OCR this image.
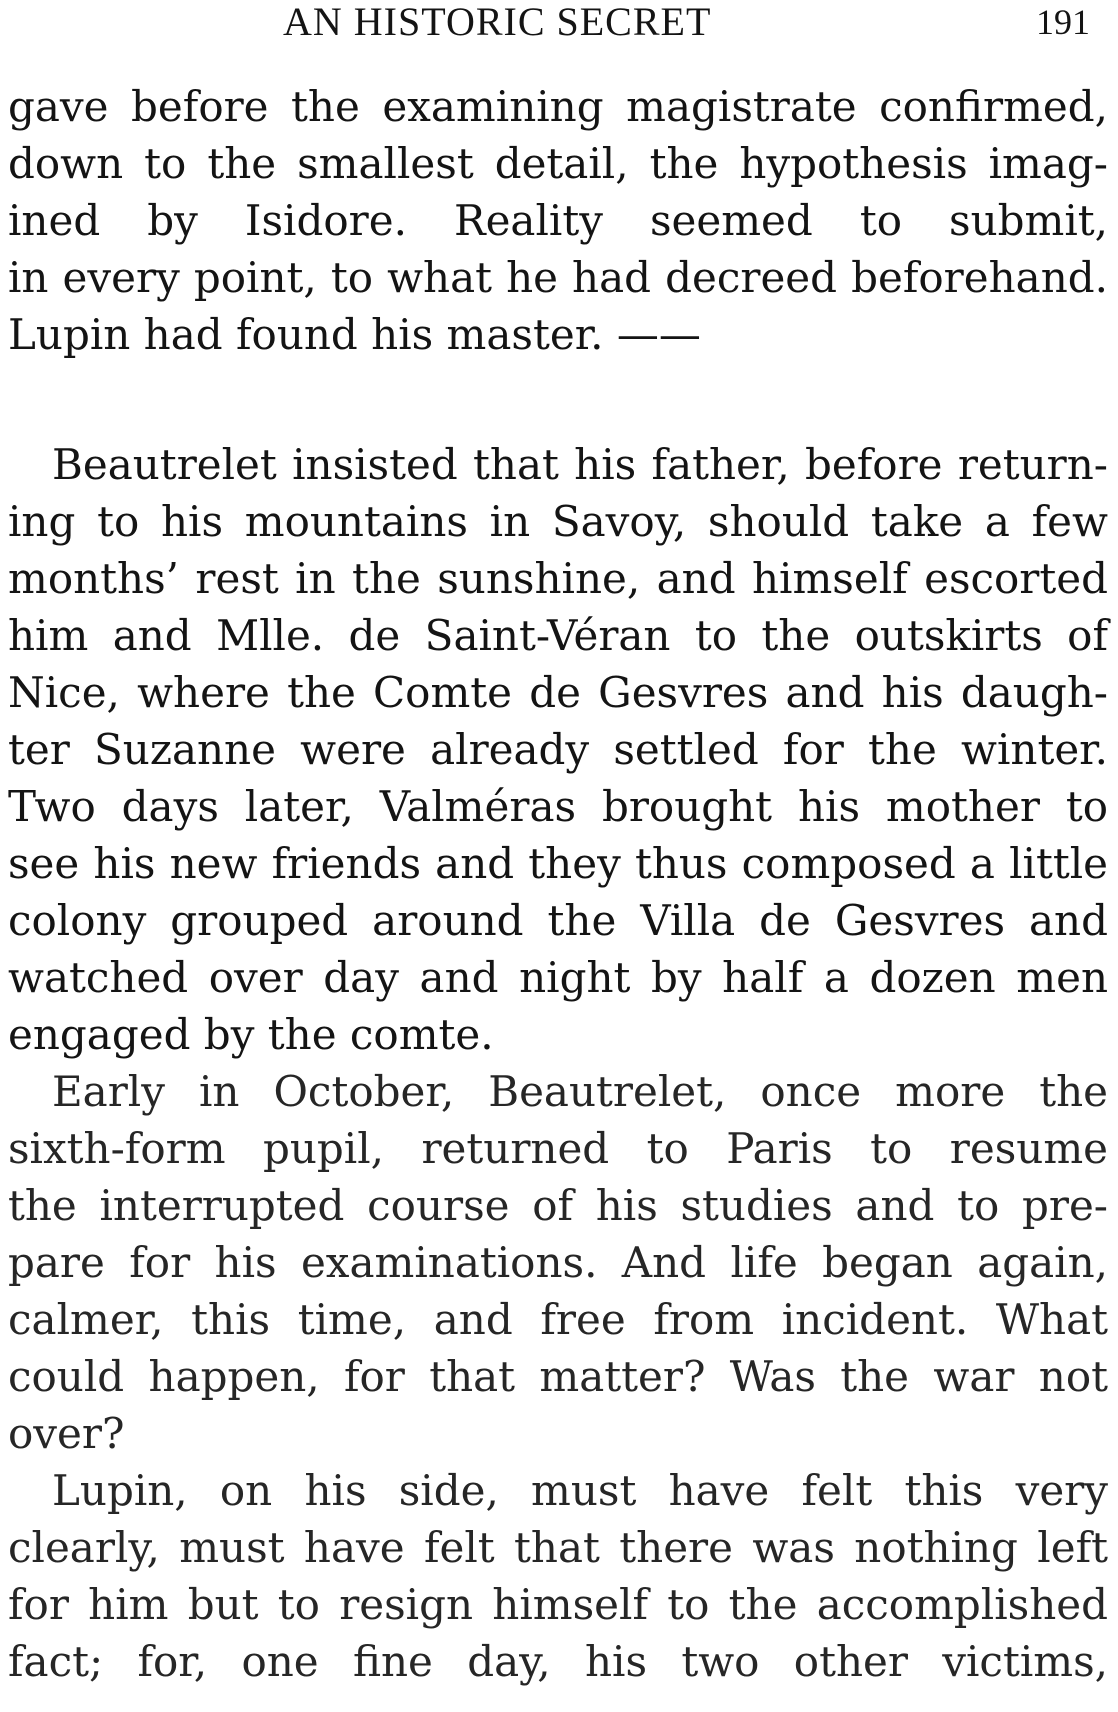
AN HISTORIC SECRET	191
gave before the examining magistrate confirmed,
down to the smallest detail, the hypothesis imag-
ined by Isidore. Reality seemed to submit,
in every point, to what he had decreed beforehand.
Lupin had found his master. ——
Beautrelet insisted that his father, before return-
ing to his mountains in Savoy, should take a few
months’ rest in the sunshine, and himself escorted
him and Mlle. de Saint-Véran to the outskirts of
Nice, where the Comte de Gesvres and his daugh-
ter Suzanne were already settled for the winter.
Two days later, Valméras brought his mother to
see his new friends and they thus composed a little
colony grouped around the Villa de Gesvres and
watched over day and night by half a dozen men
engaged by the comte.
Early in October, Beautrelet, once more the
sixth-form pupil, returned to Paris to resume
the interrupted course of his studies and to pre-
pare for his examinations. And life began again,
calmer, this time, and free from incident. What
could happen, for that matter? Was the war not
over?
Lupin, on his side, must have felt this very
clearly, must have felt that there was nothing left
for him but to resign himself to the accomplished
fact; for, one fine day, his two other victims,
